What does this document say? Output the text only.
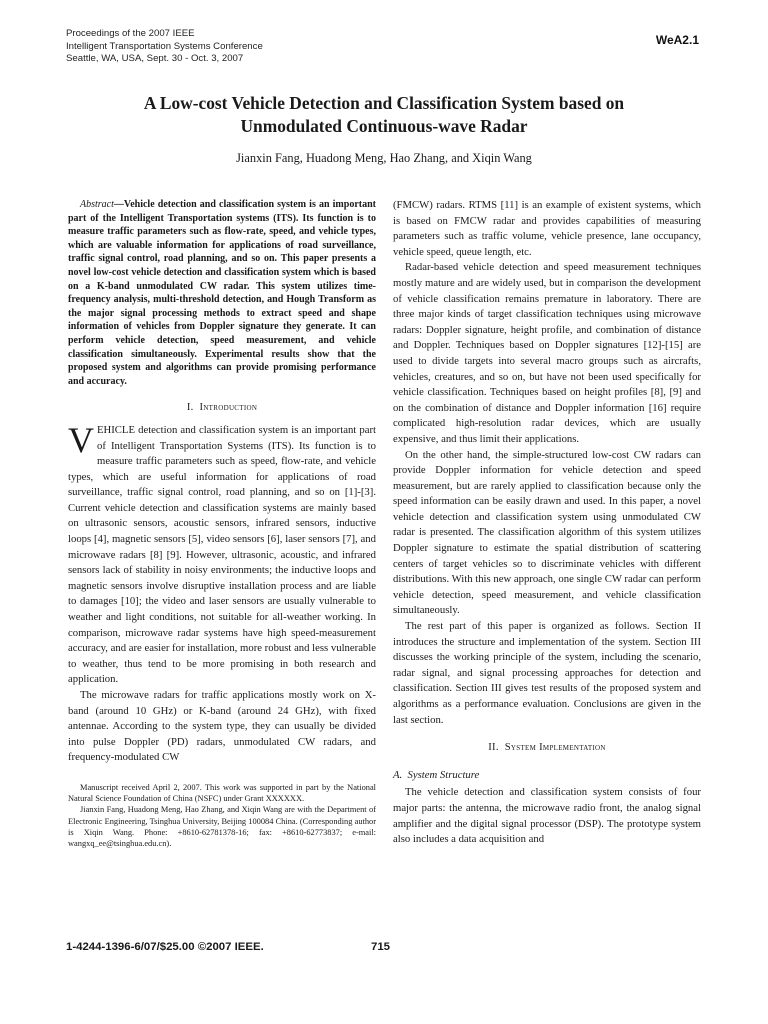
Proceedings of the 2007 IEEE
Intelligent Transportation Systems Conference
Seattle, WA, USA, Sept. 30 - Oct. 3, 2007
WeA2.1
A Low-cost Vehicle Detection and Classification System based on
Unmodulated Continuous-wave Radar
Jianxin Fang, Huadong Meng, Hao Zhang, and Xiqin Wang

Abstract—Vehicle detection and classification system is an important part of the Intelligent Transportation systems (ITS). Its function is to measure traffic parameters such as flow-rate, speed, and vehicle types, which are valuable information for applications of road surveillance, traffic signal control, road planning, and so on. This paper presents a novel low-cost vehicle detection and classification system which is based on a K-band unmodulated CW radar. This system utilizes time-frequency analysis, multi-threshold detection, and Hough Transform as the major signal processing methods to extract speed and shape information of vehicles from Doppler signature they generate. It can perform vehicle detection, speed measurement, and vehicle classification simultaneously. Experimental results show that the proposed system and algorithms can provide promising performance and accuracy.

I. Introduction

VEHICLE detection and classification system is an important part of Intelligent Transportation Systems (ITS). Its function is to measure traffic parameters such as speed, flow-rate, and vehicle types, which are useful information for applications of road surveillance, traffic signal control, road planning, and so on [1]-[3]. Current vehicle detection and classification systems are mainly based on ultrasonic sensors, acoustic sensors, infrared sensors, inductive loops [4], magnetic sensors [5], video sensors [6], laser sensors [7], and microwave radars [8] [9]. However, ultrasonic, acoustic, and infrared sensors lack of stability in noisy environments; the inductive loops and magnetic sensors involve disruptive installation process and are liable to damages [10]; the video and laser sensors are usually vulnerable to weather and light conditions, not suitable for all-weather working. In comparison, microwave radar systems have high speed-measurement accuracy, and are easier for installation, more robust and less vulnerable to weather, thus tend to be more promising in both research and application.

The microwave radars for traffic applications mostly work on X-band (around 10 GHz) or K-band (around 24 GHz), with fixed antennae. According to the system type, they can usually be divided into pulse Doppler (PD) radars, unmodulated CW radars, and frequency-modulated CW

Manuscript received April 2, 2007. This work was supported in part by the National Natural Science Foundation of China (NSFC) under Grant XXXXXX.

Jianxin Fang, Huadong Meng, Hao Zhang, and Xiqin Wang are with the Department of Electronic Engineering, Tsinghua University, Beijing 100084 China. (Corresponding author is Xiqin Wang. Phone: +8610-62781378-16; fax: +8610-62773837; e-mail: wangxq_ee@tsinghua.edu.cn).

(FMCW) radars. RTMS [11] is an example of existent systems, which is based on FMCW radar and provides capabilities of measuring parameters such as traffic volume, vehicle presence, lane occupancy, vehicle speed, queue length, etc.

Radar-based vehicle detection and speed measurement techniques mostly mature and are widely used, but in comparison the development of vehicle classification remains premature in laboratory. There are three major kinds of target classification techniques using microwave radars: Doppler signature, height profile, and combination of distance and Doppler. Techniques based on Doppler signatures [12]-[15] are used to divide targets into several macro groups such as aircrafts, vehicles, creatures, and so on, but have not been used specifically for vehicle classification. Techniques based on height profiles [8], [9] and on the combination of distance and Doppler information [16] require complicated high-resolution radar devices, which are usually expensive, and thus limit their applications.

On the other hand, the simple-structured low-cost CW radars can provide Doppler information for vehicle detection and speed measurement, but are rarely applied to classification because only the speed information can be easily drawn and used. In this paper, a novel vehicle detection and classification system using unmodulated CW radar is presented. The classification algorithm of this system utilizes Doppler signature to estimate the spatial distribution of scattering centers of target vehicles so to discriminate vehicles with different distributions. With this new approach, one single CW radar can perform vehicle detection, speed measurement, and vehicle classification simultaneously.

The rest part of this paper is organized as follows. Section II introduces the structure and implementation of the system. Section III discusses the working principle of the system, including the scenario, radar signal, and signal processing approaches for detection and classification. Section III gives test results of the proposed system and algorithms as a performance evaluation. Conclusions are given in the last section.

II. System Implementation
A. System Structure

The vehicle detection and classification system consists of four major parts: the antenna, the microwave radio front, the analog signal amplifier and the digital signal processor (DSP). The prototype system also includes a data acquisition and

1-4244-1396-6/07/$25.00 ©2007 IEEE.	715
